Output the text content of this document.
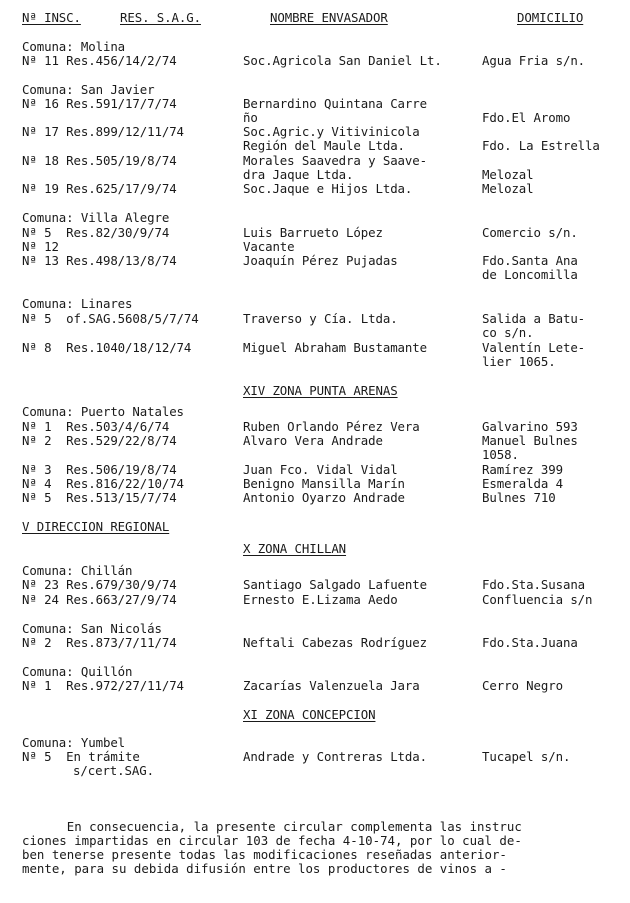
Nª INSC.	RES. S.A.G.	NOMBRE ENVASADOR	DOMICILIO
Comuna: Molina
Nª 11 Res.456/14/2/74	Soc.Agricola San Daniel Lt.	Agua Fria s/n.
Comuna: San Javier
Nª 16 Res.591/17/7/74	Bernardino Quintana Carre
ño	Fdo.El Aromo
Nª 17 Res.899/12/11/74	Soc.Agric.y Vitivinicola
Región del Maule Ltda.	Fdo. La Estrella
Nª 18 Res.505/19/8/74	Morales Saavedra y Saave-
dra Jaque Ltda.	Melozal
Nª 19 Res.625/17/9/74	Soc.Jaque e Hijos Ltda.	Melozal
Comuna: Villa Alegre
Nª 5  Res.82/30/9/74	Luis Barrueto López	Comercio s/n.
Nª 12	Vacante
Nª 13 Res.498/13/8/74	Joaquín Pérez Pujadas	Fdo.Santa Ana
de Loncomilla
Comuna: Linares
Nª 5  of.SAG.5608/5/7/74	Traverso y Cía. Ltda.	Salida a Batu-
co s/n.
Nª 8  Res.1040/18/12/74	Miguel Abraham Bustamante	Valentín Lete-
lier 1065.
XIV ZONA PUNTA ARENAS
Comuna: Puerto Natales
Nª 1  Res.503/4/6/74	Ruben Orlando Pérez Vera	Galvarino 593
Nª 2  Res.529/22/8/74	Alvaro Vera Andrade	Manuel Bulnes
1058.
Nª 3  Res.506/19/8/74	Juan Fco. Vidal Vidal	Ramírez 399
Nª 4  Res.816/22/10/74	Benigno Mansilla Marín	Esmeralda 4
Nª 5  Res.513/15/7/74	Antonio Oyarzo Andrade	Bulnes 710
V DIRECCION REGIONAL
X ZONA CHILLAN
Comuna: Chillán
Nª 23 Res.679/30/9/74	Santiago Salgado Lafuente	Fdo.Sta.Susana
Nª 24 Res.663/27/9/74	Ernesto E.Lizama Aedo	Confluencia s/n
Comuna: San Nicolás
Nª 2  Res.873/7/11/74	Neftali Cabezas Rodríguez	Fdo.Sta.Juana
Comuna: Quillón
Nª 1  Res.972/27/11/74	Zacarías Valenzuela Jara	Cerro Negro
XI ZONA CONCEPCION
Comuna: Yumbel
Nª 5  En trámite	Andrade y Contreras Ltda.	Tucapel s/n.
s/cert.SAG.
En consecuencia, la presente circular complementa las instruc
ciones impartidas en circular 103 de fecha 4-10-74, por lo cual de-
ben tenerse presente todas las modificaciones reseñadas anterior-
mente, para su debida difusión entre los productores de vinos a -
